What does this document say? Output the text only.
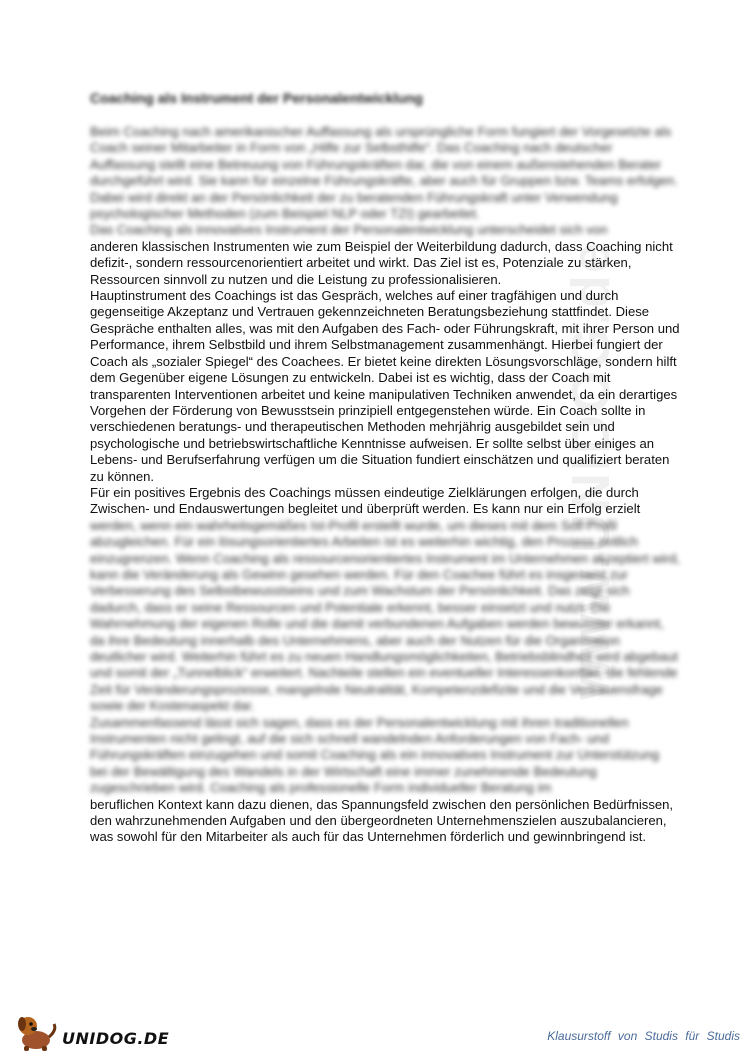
www.UNIDOG.de
Coaching als Instrument der Personalentwicklung

Beim Coaching nach amerikanischer Auffassung als ursprüngliche Form fungiert der Vorgesetzte als Coach seiner Mitarbeiter in Form von „Hilfe zur Selbsthilfe“. Das Coaching nach deutscher Auffassung stellt eine Betreuung von Führungskräften dar, die von einem außenstehenden Berater durchgeführt wird. Sie kann für einzelne Führungskräfte, aber auch für Gruppen bzw. Teams erfolgen. Dabei wird direkt an der Persönlichkeit der zu beratenden Führungskraft unter Verwendung psychologischer Methoden (zum Beispiel NLP oder TZI) gearbeitet.
Das Coaching als innovatives Instrument der Personalentwicklung unterscheidet sich von

anderen klassischen Instrumenten wie zum Beispiel der Weiterbildung dadurch, dass Coaching nicht defizit-, sondern ressourcenorientiert arbeitet und wirkt. Das Ziel ist es, Potenziale zu stärken, Ressourcen sinnvoll zu nutzen und die Leistung zu professionalisieren.
Hauptinstrument des Coachings ist das Gespräch, welches auf einer tragfähigen und durch gegenseitige Akzeptanz und Vertrauen gekennzeichneten Beratungsbeziehung stattfindet. Diese Gespräche enthalten alles, was mit den Aufgaben des Fach- oder Führungskraft, mit ihrer Person und Performance, ihrem Selbstbild und ihrem Selbstmanagement zusammenhängt. Hierbei fungiert der Coach als „sozialer Spiegel“ des Coachees. Er bietet keine direkten Lösungsvorschläge, sondern hilft dem Gegenüber eigene Lösungen zu entwickeln. Dabei ist es wichtig, dass der Coach mit transparenten Interventionen arbeitet und keine manipulativen Techniken anwendet, da ein derartiges Vorgehen der Förderung von Bewusstsein prinzipiell entgegenstehen würde. Ein Coach sollte in verschiedenen beratungs- und therapeutischen Methoden mehrjährig ausgebildet sein und psychologische und betriebswirtschaftliche Kenntnisse aufweisen. Er sollte selbst über einiges an Lebens- und Berufserfahrung verfügen um die Situation fundiert einschätzen und qualifiziert beraten zu können.
Für ein positives Ergebnis des Coachings müssen eindeutige Zielklärungen erfolgen, die durch Zwischen- und Endauswertungen begleitet und überprüft werden. Es kann nur ein Erfolg erzielt

werden, wenn ein wahrheitsgemäßes Ist-Profil erstellt wurde, um dieses mit dem Soll-Profil abzugleichen. Für ein lösungsorientiertes Arbeiten ist es weiterhin wichtig, den Prozess zeitlich einzugrenzen. Wenn Coaching als ressourcenorientiertes Instrument im Unternehmen akzeptiert wird, kann die Veränderung als Gewinn gesehen werden. Für den Coachee führt es insgesamt zur Verbesserung des Selbstbewusstseins und zum Wachstum der Persönlichkeit. Das zeigt sich dadurch, dass er seine Ressourcen und Potentiale erkennt, besser einsetzt und nutzt. Die Wahrnehmung der eigenen Rolle und die damit verbundenen Aufgaben werden bewusster erkannt, da ihre Bedeutung innerhalb des Unternehmens, aber auch der Nutzen für die Organisation deutlicher wird. Weiterhin führt es zu neuen Handlungsmöglichkeiten, Betriebsblindheit wird abgebaut und somit der „Tunnelblick“ erweitert. Nachteile stellen ein eventueller Interessenkonflikt, die fehlende Zeit für Veränderungsprozesse, mangelnde Neutralität, Kompetenzdefizite und die Vertrauensfrage sowie der Kostenaspekt dar.
Zusammenfassend lässt sich sagen, dass es der Personalentwicklung mit ihren traditionellen Instrumenten nicht gelingt, auf die sich schnell wandelnden Anforderungen von Fach- und Führungskräften einzugehen und somit Coaching als ein innovatives Instrument zur Unterstützung bei der Bewältigung des Wandels in der Wirtschaft eine immer zunehmende Bedeutung zugeschrieben wird. Coaching als professionelle Form individueller Beratung im

beruflichen Kontext kann dazu dienen, das Spannungsfeld zwischen den persönlichen Bedürfnissen, den wahrzunehmenden Aufgaben und den übergeordneten Unternehmenszielen auszubalancieren, was sowohl für den Mitarbeiter als auch für das Unternehmen förderlich und gewinnbringend ist.

UNIDOG.DE	Klausurstoff von Studis für Studis
